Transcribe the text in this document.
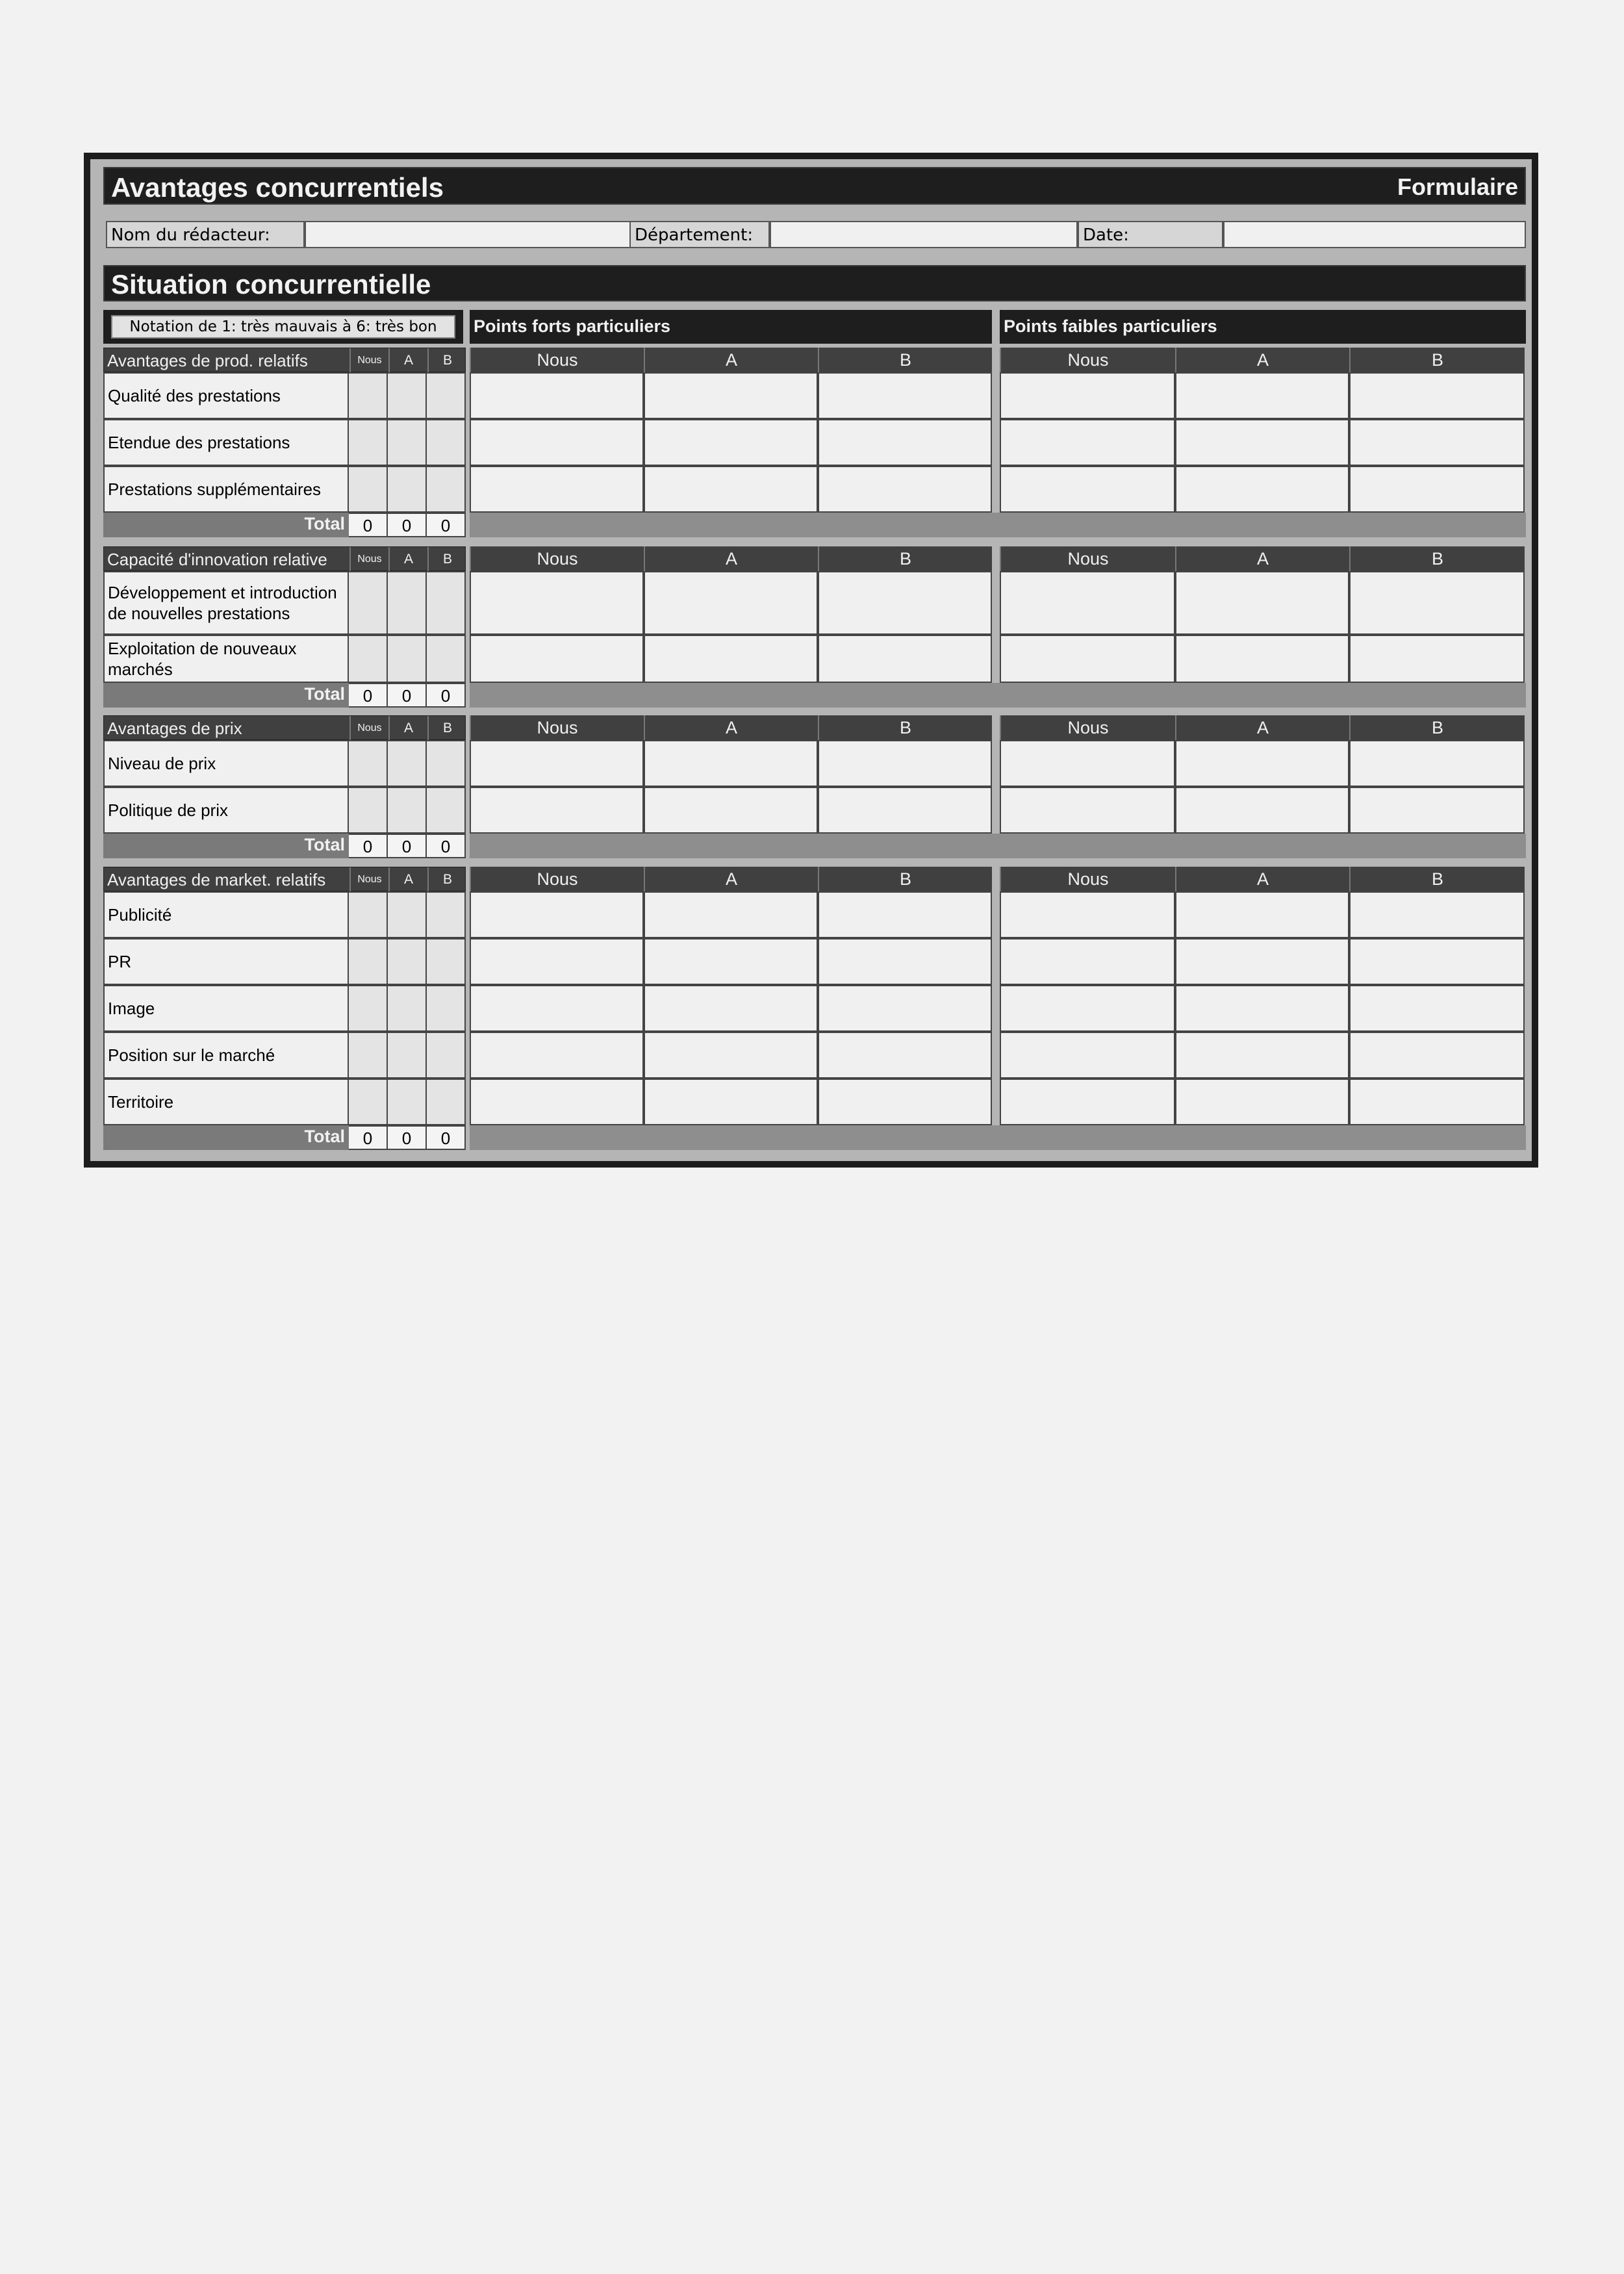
Avantages concurrentiels	Formulaire
Nom du rédacteur:	Département:	Date:
Situation concurrentielle
Notation de 1: très mauvais à 6: très bon	Points forts particuliers	Points faibles particuliers
Avantages de prod. relatifs	Nous	A	B	Nous	A	B	Nous	A	B
Qualité des prestations
Etendue des prestations
Prestations supplémentaires
Total	0	0	0
Capacité d'innovation relative	Nous	A	B	Nous	A	B	Nous	A	B
Développement et introduction de nouvelles prestations
Exploitation de nouveaux marchés
Total	0	0	0
Avantages de prix	Nous	A	B	Nous	A	B	Nous	A	B
Niveau de prix
Politique de prix
Total	0	0	0
Avantages de market. relatifs	Nous	A	B	Nous	A	B	Nous	A	B
Publicité
PR
Image
Position sur le marché
Territoire
Total	0	0	0
